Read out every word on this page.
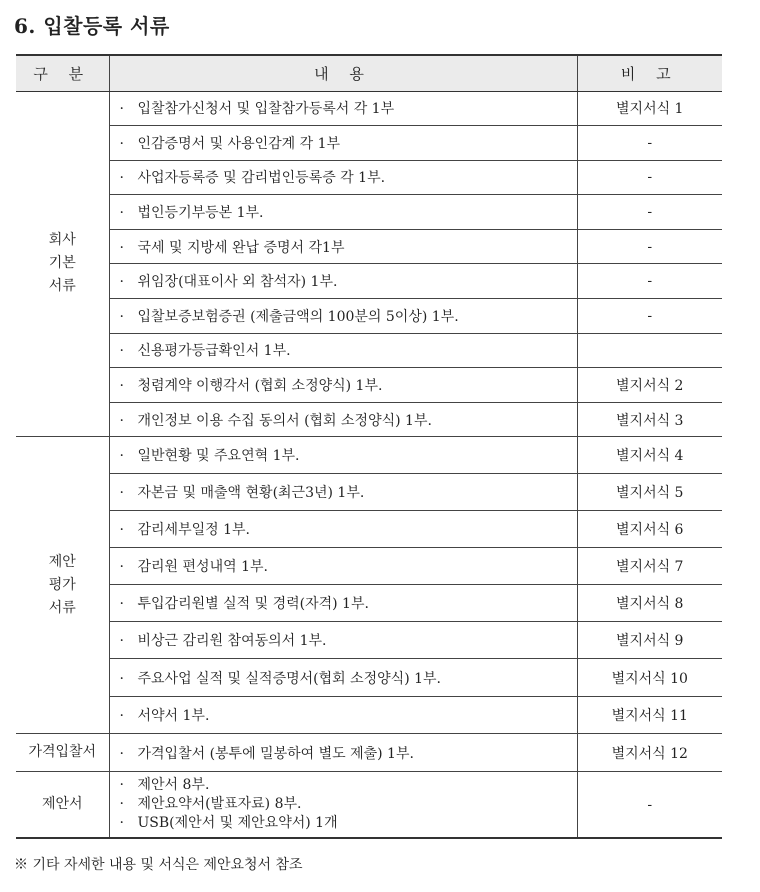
6. 입찰등록 서류
구 분	내 용	비 고
회사
기본
서류	· 입찰참가신청서 및 입찰참가등록서 각 1부	별지서식 1
	· 인감증명서 및 사용인감계 각 1부	-
	· 사업자등록증 및 감리법인등록증 각 1부.	-
	· 법인등기부등본 1부.	-
	· 국세 및 지방세 완납 증명서 각1부	-
	· 위임장(대표이사 외 참석자) 1부.	-
	· 입찰보증보험증권 (제출금액의 100분의 5이상) 1부.	-
	· 신용평가등급확인서 1부.	
	· 청렴계약 이행각서 (협회 소정양식) 1부.	별지서식 2
	· 개인정보 이용 수집 동의서 (협회 소정양식) 1부.	별지서식 3
제안
평가
서류	· 일반현황 및 주요연혁 1부.	별지서식 4
	· 자본금 및 매출액 현황(최근3년) 1부.	별지서식 5
	· 감리세부일정 1부.	별지서식 6
	· 감리원 편성내역 1부.	별지서식 7
	· 투입감리원별 실적 및 경력(자격) 1부.	별지서식 8
	· 비상근 감리원 참여동의서 1부.	별지서식 9
	· 주요사업 실적 및 실적증명서(협회 소정양식) 1부.	별지서식 10
	· 서약서 1부.	별지서식 11
가격입찰서	· 가격입찰서 (봉투에 밀봉하여 별도 제출) 1부.	별지서식 12
제안서	· 제안서 8부.
· 제안요약서(발표자료) 8부.
· USB(제안서 및 제안요약서) 1개	-
※ 기타 자세한 내용 및 서식은 제안요청서 참조
